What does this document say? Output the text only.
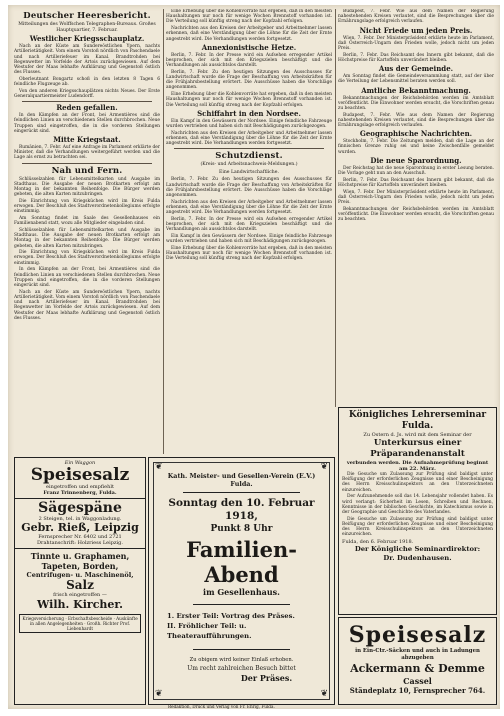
Deutscher Heeresbericht.
Mitteilungen des Wolffschen Telegraphen-Bureaus. Großes Hauptquartier, 7. Februar.
Westlicher Kriegsschauplatz.

Nach an der Küste am Sundereöstlichen Ypern, nachts Artillerietätigkeit. Vom einem Vorstoß nördlich von Paschendaele und nach Artilleriefeuer im Kanal. Brandtrohden bei Regenwetter im Vorfelde der Artois zurückgewiesen. Auf dem Westufer der Maas lebhafte Aufklärung und Gegenstoß östlich des Flusses.

Oberleutnant Bongartz schoß in den letzten 8 Tagen 6 feindliche Flugzeuge ab.

Von den anderen Kriegsschauplätzen nichts Neues. Der Erste Generalquartiermeister Ludendorff.

Reden gefallen.

In den Kämpfen an der Front, bei Armentières sind die feindlichen Linien an verschiedenen Stellen durchbrochen. Neue Truppen sind eingetroffen, die in die vorderen Stellungen eingerückt sind.

Mitte Kriegstaat.

Rumänien, 7. Febr. Auf eine Anfrage im Parlament erklärte der Minister, daß die Verhandlungen weitergeführt werden und die Lage als ernst zu betrachten sei.

Nah und Fern.

Schlüsselzahlen für Lebensmittelkarten und Ausgabe im Stadthaus. Die Ausgabe der neuen Brotkarten erfolgt am Montag in der bekannten Reihenfolge. Die Bürger werden gebeten, die alten Karten mitzubringen.

Die Einrichtung von Kriegsküchen wird im Kreis Fulda erwogen. Der Beschluß des Stadtverordnetenkollegiums erfolgte einstimmig.

Am Sonntag findet im Saale des Gesellenhauses ein Familienabend statt, wozu alle Mitglieder eingeladen sind.

Schlüsselzahlen für Lebensmittelkarten und Ausgabe im Stadthaus. Die Ausgabe der neuen Brotkarten erfolgt am Montag in der bekannten Reihenfolge. Die Bürger werden gebeten, die alten Karten mitzubringen.

Die Einrichtung von Kriegsküchen wird im Kreis Fulda erwogen. Der Beschluß des Stadtverordnetenkollegiums erfolgte einstimmig.

In den Kämpfen an der Front, bei Armentières sind die feindlichen Linien an verschiedenen Stellen durchbrochen. Neue Truppen sind eingetroffen, die in die vorderen Stellungen eingerückt sind.

Nach an der Küste am Sundereöstlichen Ypern, nachts Artillerietätigkeit. Vom einem Vorstoß nördlich von Paschendaele und nach Artilleriefeuer im Kanal. Brandtrohden bei Regenwetter im Vorfelde der Artois zurückgewiesen. Auf dem Westufer der Maas lebhafte Aufklärung und Gegenstoß östlich des Flusses.

Eine Erhebung über die Kohlenvorräte hat ergeben, daß in den meisten Haushaltungen nur noch für wenige Wochen Brennstoff vorhanden ist. Die Verteilung soll künftig streng nach der Kopfzahl erfolgen.

Nachrichten aus den Kreisen der Arbeitgeber und Arbeitnehmer lassen erkennen, daß eine Verständigung über die Löhne für die Zeit der Ernte angestrebt wird. Die Verhandlungen werden fortgesetzt.

Annexionistische Hetze.

Berlin, 7. Febr. In der Presse wird ein Aufsehen erregender Artikel besprochen, der sich mit den Kriegszielen beschäftigt und die Verhandlungen als aussichtslos darstellt.

Berlin, 7. Febr. Zu den heutigen Sitzungen des Ausschusses für Landwirtschaft wurde die Frage der Beschaffung von Arbeitskräften für die Frühjahrsbestellung erörtert. Die Ausschüsse haben die Vorschläge angenommen.

Eine Erhebung über die Kohlenvorräte hat ergeben, daß in den meisten Haushaltungen nur noch für wenige Wochen Brennstoff vorhanden ist. Die Verteilung soll künftig streng nach der Kopfzahl erfolgen.

Schiffahrt in den Nordsee.

Ein Kampf in den Gewässern der Nordsee. Einige feindliche Fahrzeuge wurden vertrieben und haben sich mit Beschädigungen zurückgezogen.

Nachrichten aus den Kreisen der Arbeitgeber und Arbeitnehmer lassen erkennen, daß eine Verständigung über die Löhne für die Zeit der Ernte angestrebt wird. Die Verhandlungen werden fortgesetzt.

Schutzdienst.
(Kreis- und Arbeitsnachweis-Meldungen.)
Eine Landwirtschaftliche.

Berlin, 7. Febr. Zu den heutigen Sitzungen des Ausschusses für Landwirtschaft wurde die Frage der Beschaffung von Arbeitskräften für die Frühjahrsbestellung erörtert. Die Ausschüsse haben die Vorschläge angenommen.

Nachrichten aus den Kreisen der Arbeitgeber und Arbeitnehmer lassen erkennen, daß eine Verständigung über die Löhne für die Zeit der Ernte angestrebt wird. Die Verhandlungen werden fortgesetzt.

Berlin, 7. Febr. In der Presse wird ein Aufsehen erregender Artikel besprochen, der sich mit den Kriegszielen beschäftigt und die Verhandlungen als aussichtslos darstellt.

Ein Kampf in den Gewässern der Nordsee. Einige feindliche Fahrzeuge wurden vertrieben und haben sich mit Beschädigungen zurückgezogen.

Eine Erhebung über die Kohlenvorräte hat ergeben, daß in den meisten Haushaltungen nur noch für wenige Wochen Brennstoff vorhanden ist. Die Verteilung soll künftig streng nach der Kopfzahl erfolgen.

Budapest, 7. Febr. Wie aus dem Namen der Regierung nahestehenden Kreisen verlautet, sind die Besprechungen über die Ernährungslage erfolgreich verlaufen.

Nicht Friede um jeden Preis.

Wien, 7. Febr. Der Ministerpräsident erklärte heute im Parlament, daß Österreich-Ungarn den Frieden wolle, jedoch nicht um jeden Preis.

Berlin, 7. Febr. Das Reichsamt des Innern gibt bekannt, daß die Höchstpreise für Kartoffeln unverändert bleiben.

Aus der Gemeinde.

Am Sonntag findet die Gemeindeversammlung statt, auf der über die Verteilung der Lebensmittel beraten werden soll.

Amtliche Bekanntmachung.

Bekanntmachungen der Reichsbehörden werden im Amtsblatt veröffentlicht. Die Einwohner werden ersucht, die Vorschriften genau zu beachten.

Budapest, 7. Febr. Wie aus dem Namen der Regierung nahestehenden Kreisen verlautet, sind die Besprechungen über die Ernährungslage erfolgreich verlaufen.

Geographische Nachrichten.

Stockholm, 7. Febr. Die Zeitungen melden, daß die Lage an der finnischen Grenze ruhig sei und keine Zwischenfälle gemeldet wurden.

Die neue Sparordnung.

Der Reichstag hat die neue Sparordnung in erster Lesung beraten. Die Vorlage geht nun an den Ausschuß.

Berlin, 7. Febr. Das Reichsamt des Innern gibt bekannt, daß die Höchstpreise für Kartoffeln unverändert bleiben.

Wien, 7. Febr. Der Ministerpräsident erklärte heute im Parlament, daß Österreich-Ungarn den Frieden wolle, jedoch nicht um jeden Preis.

Bekanntmachungen der Reichsbehörden werden im Amtsblatt veröffentlicht. Die Einwohner werden ersucht, die Vorschriften genau zu beachten.

Ein Waggon
Speisesalz
eingetroffen und empfiehlt
Franz Trinnenberg, Fulda.
Sägespäne
2 Steigen, tel. in Waggonladung.
Gebr. Rieß, Leipzig
Fernsprecher Nr. 6402 und 2721
Drahtanschrift: Holzriess Leipzig.
Tinnte u. Graphamen,
Tapeten, Borden,
Centrifugen- u. Maschinenöl,
Salz
frisch eingetroffen —
Wilh. Kircher.
Kriegsversicherung · Erbschaftsbescheide · Auskünfte in allen Angelegenheiten · Großh. Richter Prof. Liebenhardt
❦	❦
❦	❦
Kath. Meister- und Gesellen-Verein (E.V.) Fulda.
Sonntag den 10. Februar 1918,
Punkt 8 Uhr
Familien-Abend
im Gesellenhaus.
1. Erster Teil: Vortrag des Präses.
II. Fröhlicher Teil: u. Theateraufführungen.
Zu obigem wird keiner Einlaß erhoben.
Um recht zahlreichen Besuch bittet
Der Präses.
Königliches Lehrerseminar Fulda.
Zu Ostern d. Js. wird mit dem Seminar der
Unterkursus einer Präparandenanstalt
verbunden werden. Die Aufnahmeprüfung beginnt am 22. März.

Die Gesuche um Zulassung zur Prüfung sind baldigst unter Beifügung der erforderlichen Zeugnisse und einer Bescheinigung des Herrn Kreisschulinspektors an den Unterzeichneten einzureichen.

Der Aufzunehmende soll das 14. Lebensjahr vollendet haben. Es wird verlangt: Sicherheit im Lesen, Schreiben und Rechnen, Kenntnisse in der biblischen Geschichte, im Katechismus sowie in der Geographie und Geschichte des Vaterlandes.

Die Gesuche um Zulassung zur Prüfung sind baldigst unter Beifügung der erforderlichen Zeugnisse und einer Bescheinigung des Herrn Kreisschulinspektors an den Unterzeichneten einzureichen.

Fulda, den 6. Februar 1918.
Der Königliche Seminardirektor:
Dr. Dudenhausen.
Speisesalz
in Ein-Ctr.-Säcken und auch in Ladungen abzugeben
Ackermann & Demme
Cassel
Ständeplatz 10, Fernsprecher 764.
Redaktion, Druck und Verlag von Fr. Ehrig, Fulda.
